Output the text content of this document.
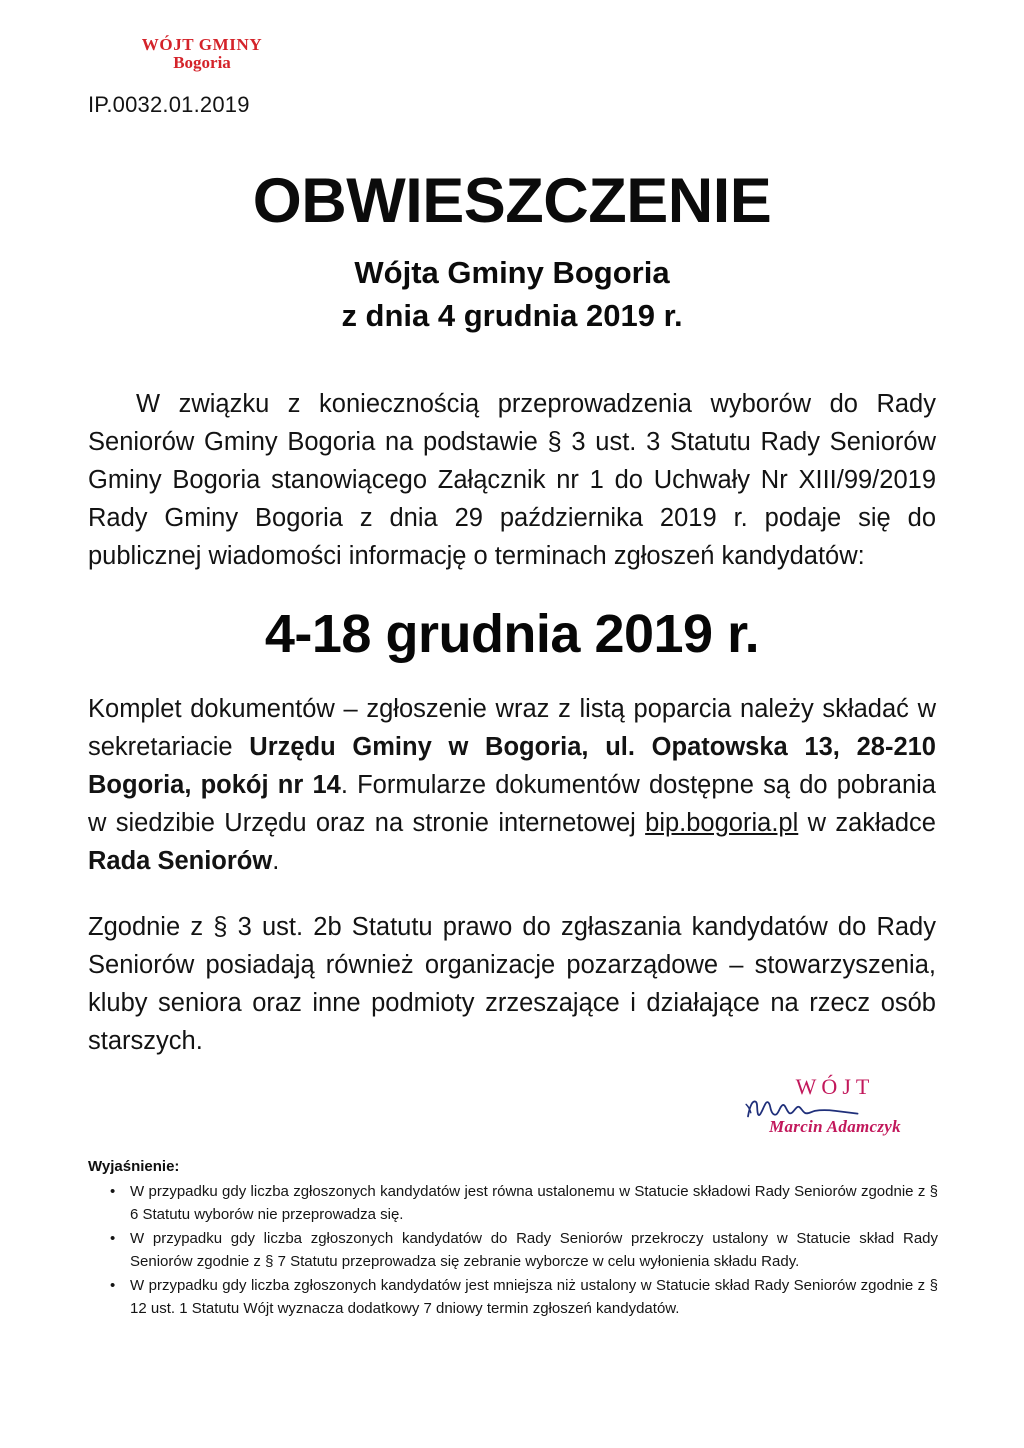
WÓJT GMINY
Bogoria
IP.0032.01.2019
OBWIESZCZENIE
Wójta Gminy Bogoria
z dnia 4 grudnia 2019 r.

W związku z koniecznością przeprowadzenia wyborów do Rady Seniorów Gminy Bogoria na podstawie § 3 ust. 3 Statutu Rady Seniorów Gminy Bogoria stanowiącego Załącznik nr 1 do Uchwały Nr XIII/99/2019 Rady Gminy Bogoria z dnia 29 października 2019 r. podaje się do publicznej wiadomości informację o terminach zgłoszeń kandydatów:

4-18 grudnia 2019 r.

Komplet dokumentów – zgłoszenie wraz z listą poparcia należy składać w sekretariacie Urzędu Gminy w Bogoria, ul. Opatowska 13, 28-210 Bogoria, pokój nr 14. Formularze dokumentów dostępne są do pobrania w siedzibie Urzędu oraz na stronie internetowej bip.bogoria.pl w zakładce Rada Seniorów.

Zgodnie z § 3 ust. 2b Statutu prawo do zgłaszania kandydatów do Rady Seniorów posiadają również organizacje pozarządowe – stowarzyszenia, kluby seniora oraz inne podmioty zrzeszające i działające na rzecz osób starszych.

WÓJT
Marcin Adamczyk
Wyjaśnienie:
• W przypadku gdy liczba zgłoszonych kandydatów jest równa ustalonemu w Statucie składowi Rady Seniorów zgodnie z § 6 Statutu wyborów nie przeprowadza się.
• W przypadku gdy liczba zgłoszonych kandydatów do Rady Seniorów przekroczy ustalony w Statucie skład Rady Seniorów zgodnie z § 7 Statutu przeprowadza się zebranie wyborcze w celu wyłonienia składu Rady.
• W przypadku gdy liczba zgłoszonych kandydatów jest mniejsza niż ustalony w Statucie skład Rady Seniorów zgodnie z § 12 ust. 1 Statutu Wójt wyznacza dodatkowy 7 dniowy termin zgłoszeń kandydatów.
